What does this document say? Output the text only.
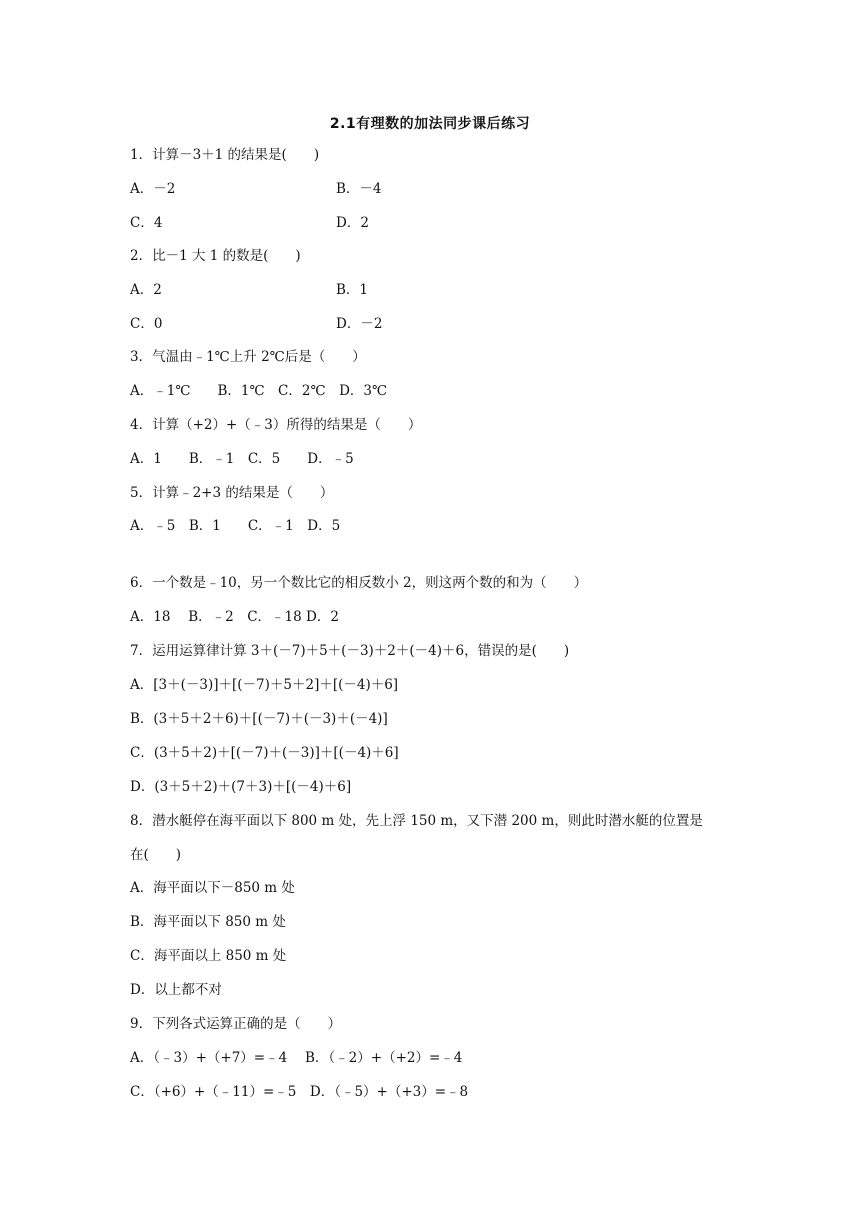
2.1有理数的加法同步课后练习
1．计算－3＋1 的结果是(　　)
A．－2	B．－4
C．4	D．2
2．比－1 大 1 的数是(　　)
A．2	B．1
C．0	D．－2
3．气温由﹣1℃上升 2℃后是（　　）
A．﹣1℃　　B．1℃　C．2℃　D．3℃
4．计算（+2）+（﹣3）所得的结果是（　　）
A．1　　B．﹣1　C．5　　D．﹣5
5．计算﹣2+3 的结果是（　　）
A．﹣5　B．1　　C．﹣1　D．5
6．一个数是﹣10，另一个数比它的相反数小 2，则这两个数的和为（　　）
A．18　 B．﹣2　C．﹣18 D．2
7．运用运算律计算 3＋(－7)＋5＋(－3)＋2＋(－4)＋6，错误的是(　　)
A．[3＋(－3)]＋[(－7)＋5＋2]＋[(－4)＋6]
B．(3＋5＋2＋6)＋[(－7)＋(－3)＋(－4)]
C．(3＋5＋2)＋[(－7)＋(－3)]＋[(－4)＋6]
D．(3＋5＋2)＋(7＋3)＋[(－4)＋6]
8．潜水艇停在海平面以下 800 m 处，先上浮 150 m，又下潜 200 m，则此时潜水艇的位置是
在(　　)
A．海平面以下－850 m 处
B．海平面以下 850 m 处
C．海平面以上 850 m 处
D．以上都不对
9．下列各式运算正确的是（　　）
A．（﹣3）+（+7）=﹣4　 B．（﹣2）+（+2）=﹣4
C．（+6）+（﹣11）=﹣5　D．（﹣5）+（+3）=﹣8
